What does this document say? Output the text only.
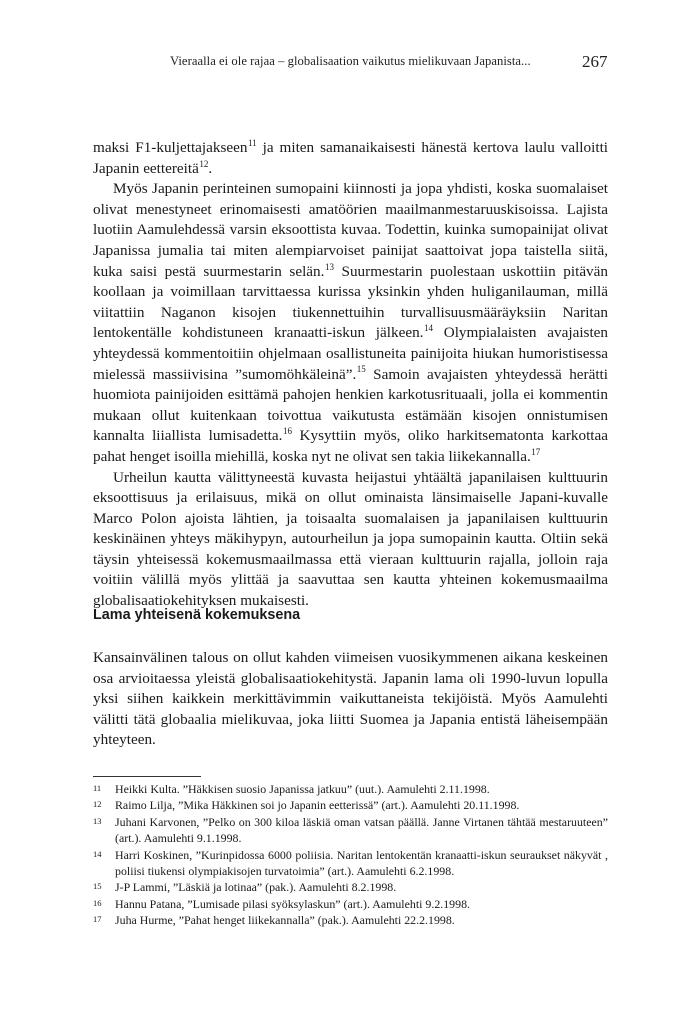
Vieraalla ei ole rajaa – globalisaation vaikutus mielikuvaan Japanista...	267

maksi F1-kuljettajakseen$^{11}$ ja miten samanaikaisesti hänestä kertova laulu valloitti Japanin eettereitä$^{12}$.

Myös Japanin perinteinen sumopaini kiinnosti ja jopa yhdisti, koska suomalaiset olivat menestyneet erinomaisesti amatöörien maailmanmestaruuskisoissa. Lajista luotiin Aamulehdessä varsin eksoottista kuvaa. Todettin, kuinka sumopainijat olivat Japanissa jumalia tai miten alempiarvoiset painijat saattoivat jopa taistella siitä, kuka saisi pestä suurmestarin selän.$^{13}$ Suurmestarin puolestaan uskottiin pitävän koollaan ja voimillaan tarvittaessa kurissa yksinkin yhden huliganilauman, millä viitattiin Naganon kisojen tiukennettuihin turvallisuusmääräyksiin Naritan lentokentälle kohdistuneen kranaatti-iskun jälkeen.$^{14}$ Olympialaisten avajaisten yhteydessä kommentoitiin ohjelmaan osallistuneita painijoita hiukan humoristisessa mielessä massiivisina ”sumomöhkäleinä”.$^{15}$ Samoin avajaisten yhteydessä herätti huomiota painijoiden esittämä pahojen henkien karkotusrituaali, jolla ei kommentin mukaan ollut kuitenkaan toivottua vaikutusta estämään kisojen onnistumisen kannalta liiallista lumisadetta.$^{16}$ Kysyttiin myös, oliko harkitsematonta karkottaa pahat henget isoilla miehillä, koska nyt ne olivat sen takia liikekannalla.$^{17}$

Urheilun kautta välittyneestä kuvasta heijastui yhtäältä japanilaisen kulttuurin eksoottisuus ja erilaisuus, mikä on ollut ominaista länsimaiselle Japani-kuvalle Marco Polon ajoista lähtien, ja toisaalta suomalaisen ja japanilaisen kulttuurin keskinäinen yhteys mäkihypyn, autourheilun ja jopa sumopainin kautta. Oltiin sekä täysin yhteisessä kokemusmaailmassa että vieraan kulttuurin rajalla, jolloin raja voitiin välillä myös ylittää ja saavuttaa sen kautta yhteinen kokemusmaailma globalisaatiokehityksen mukaisesti.

Lama yhteisenä kokemuksena

Kansainvälinen talous on ollut kahden viimeisen vuosikymmenen aikana keskeinen osa arvioitaessa yleistä globalisaatiokehitystä. Japanin lama oli 1990-luvun lopulla yksi siihen kaikkein merkittävimmin vaikuttaneista tekijöistä. Myös Aamulehti välitti tätä globaalia mielikuvaa, joka liitti Suomea ja Japania entistä läheisempään yhteyteen.

11 Heikki Kulta. ”Häkkisen suosio Japanissa jatkuu” (uut.). Aamulehti 2.11.1998.
12 Raimo Lilja, ”Mika Häkkinen soi jo Japanin eetterissä” (art.). Aamulehti 20.11.1998.
13 Juhani Karvonen, ”Pelko on 300 kiloa läskiä oman vatsan päällä. Janne Virtanen tähtää mestaruuteen” (art.). Aamulehti 9.1.1998.
14 Harri Koskinen, ”Kurinpidossa 6000 poliisia. Naritan lentokentän kranaatti-iskun seuraukset näkyvät , poliisi tiukensi olympiakisojen turvatoimia” (art.). Aamulehti 6.2.1998.
15 J-P Lammi, ”Läskiä ja lotinaa” (pak.). Aamulehti 8.2.1998.
16 Hannu Patana, ”Lumisade pilasi syöksylaskun” (art.). Aamulehti 9.2.1998.
17 Juha Hurme, ”Pahat henget liikekannalla” (pak.). Aamulehti 22.2.1998.
